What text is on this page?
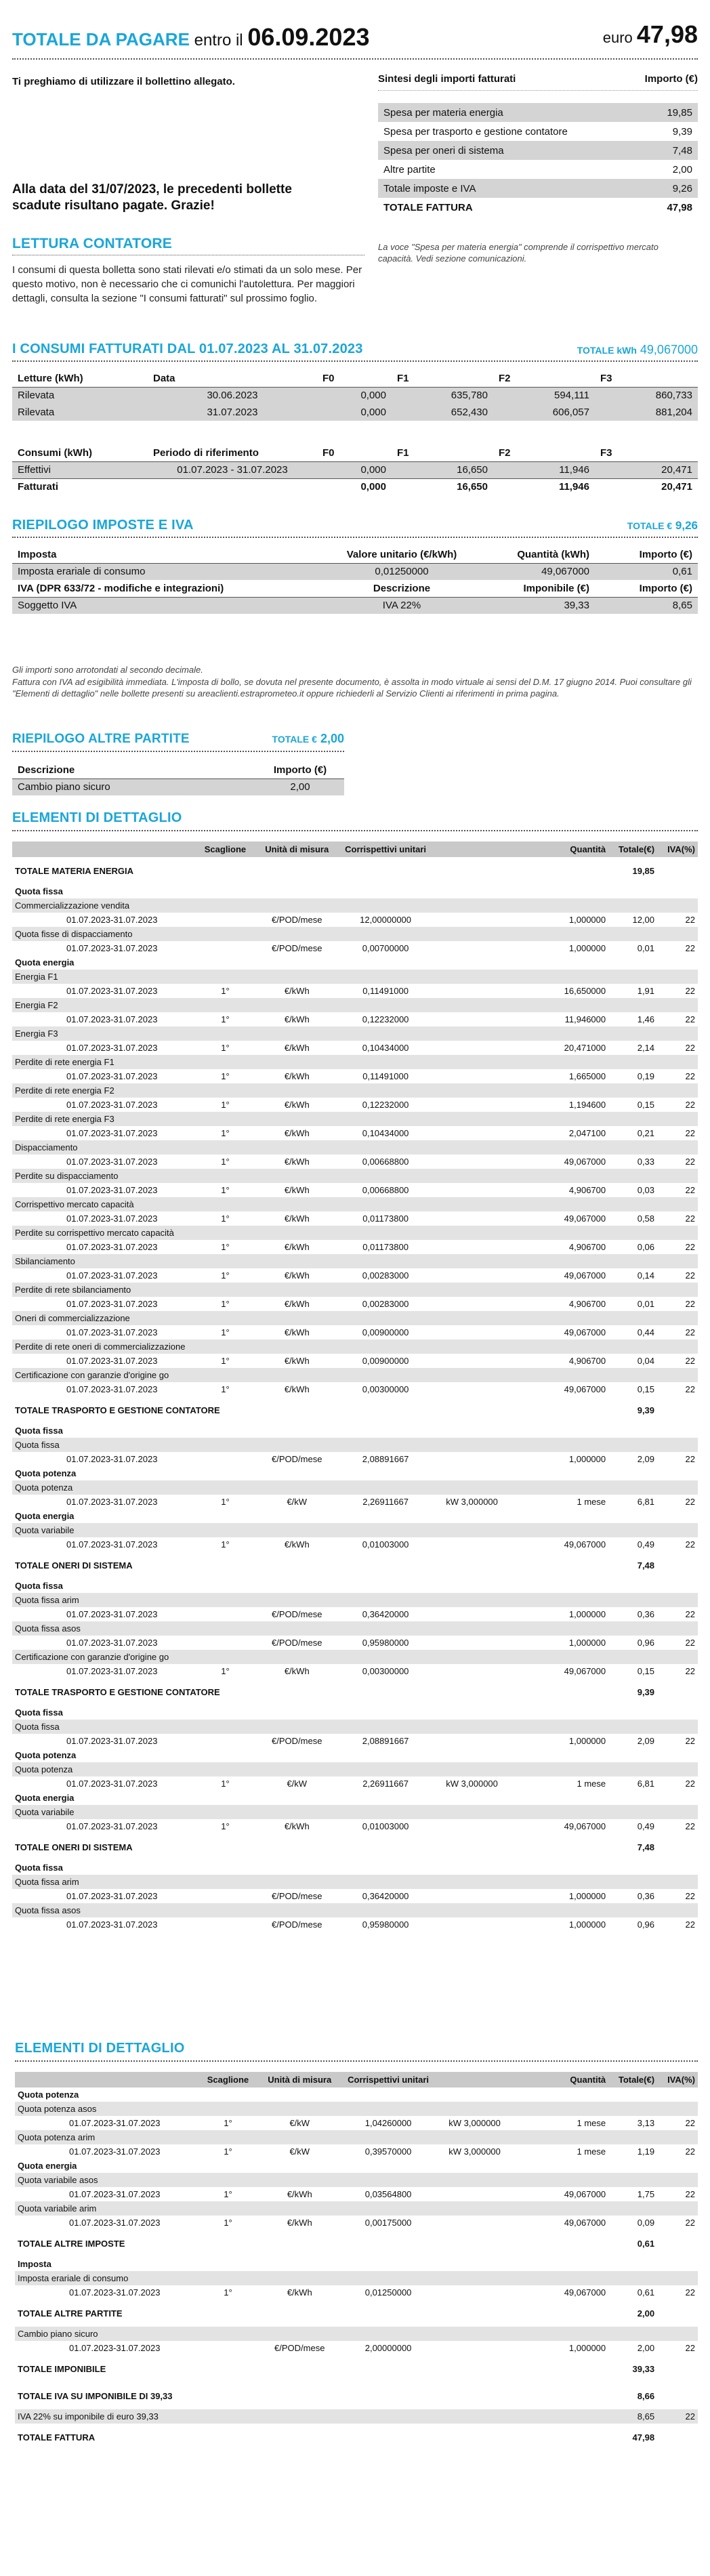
TOTALE DA PAGARE entro il 06.09.2023	euro 47,98
Ti preghiamo di utilizzare il bollettino allegato.
Alla data del 31/07/2023, le precedenti bollette scadute risultano pagate. Grazie!
Sintesi degli importi fatturati	Importo (€)
Spesa per materia energia	19,85
Spesa per trasporto e gestione contatore	9,39
Spesa per oneri di sistema	7,48
Altre partite	2,00
Totale imposte e IVA	9,26
TOTALE FATTURA	47,98
La voce "Spesa per materia energia" comprende il corrispettivo mercato capacità. Vedi sezione comunicazioni.
LETTURA CONTATORE
I consumi di questa bolletta sono stati rilevati e/o stimati da un solo mese. Per questo motivo, non è necessario che ci comunichi l'autolettura. Per maggiori dettagli, consulta la sezione "I consumi fatturati" sul prossimo foglio.
I CONSUMI FATTURATI DAL 01.07.2023 AL 31.07.2023	TOTALE kWh 49,067000
Letture (kWh)	Data	F0	F1	F2	F3
Rilevata	30.06.2023	0,000	635,780	594,111	860,733
Rilevata	31.07.2023	0,000	652,430	606,057	881,204
Consumi (kWh)	Periodo di riferimento	F0	F1	F2	F3
Effettivi	01.07.2023 - 31.07.2023	0,000	16,650	11,946	20,471
Fatturati		0,000	16,650	11,946	20,471
RIEPILOGO IMPOSTE E IVA	TOTALE € 9,26
Imposta	Valore unitario (€/kWh)	Quantità (kWh)	Importo (€)
Imposta erariale di consumo	0,01250000	49,067000	0,61
IVA (DPR 633/72 - modifiche e integrazioni)	Descrizione	Imponibile (€)	Importo (€)
Soggetto IVA	IVA 22%	39,33	8,65
Gli importi sono arrotondati al secondo decimale.
Fattura con IVA ad esigibilità immediata. L'imposta di bollo, se dovuta nel presente documento, è assolta in modo virtuale ai sensi del D.M. 17 giugno 2014. Puoi consultare gli "Elementi di dettaglio" nelle bollette presenti su areaclienti.estraprometeo.it oppure richiederli al Servizio Clienti ai riferimenti in prima pagina.
RIEPILOGO ALTRE PARTITE	TOTALE € 2,00
Descrizione	Importo (€)
Cambio piano sicuro	2,00
ELEMENTI DI DETTAGLIO
	Scaglione	Unità di misura	Corrispettivi unitari		Quantità	Totale(€)	IVA(%)
TOTALE MATERIA ENERGIA						19,85	
Quota fissa							
Commercializzazione vendita							
01.07.2023-31.07.2023		€/POD/mese	12,00000000		1,000000	12,00	22
Quota fisse di dispacciamento							
01.07.2023-31.07.2023		€/POD/mese	0,00700000		1,000000	0,01	22
Quota energia							
Energia F1							
01.07.2023-31.07.2023	1°	€/kWh	0,11491000		16,650000	1,91	22
Energia F2							
01.07.2023-31.07.2023	1°	€/kWh	0,12232000		11,946000	1,46	22
Energia F3							
01.07.2023-31.07.2023	1°	€/kWh	0,10434000		20,471000	2,14	22
Perdite di rete energia F1							
01.07.2023-31.07.2023	1°	€/kWh	0,11491000		1,665000	0,19	22
Perdite di rete energia F2							
01.07.2023-31.07.2023	1°	€/kWh	0,12232000		1,194600	0,15	22
Perdite di rete energia F3							
01.07.2023-31.07.2023	1°	€/kWh	0,10434000		2,047100	0,21	22
Dispacciamento							
01.07.2023-31.07.2023	1°	€/kWh	0,00668800		49,067000	0,33	22
Perdite su dispacciamento							
01.07.2023-31.07.2023	1°	€/kWh	0,00668800		4,906700	0,03	22
Corrispettivo mercato capacità							
01.07.2023-31.07.2023	1°	€/kWh	0,01173800		49,067000	0,58	22
Perdite su corrispettivo mercato capacità							
01.07.2023-31.07.2023	1°	€/kWh	0,01173800		4,906700	0,06	22
Sbilanciamento							
01.07.2023-31.07.2023	1°	€/kWh	0,00283000		49,067000	0,14	22
Perdite di rete sbilanciamento							
01.07.2023-31.07.2023	1°	€/kWh	0,00283000		4,906700	0,01	22
Oneri di commercializzazione							
01.07.2023-31.07.2023	1°	€/kWh	0,00900000		49,067000	0,44	22
Perdite di rete oneri di commercializzazione							
01.07.2023-31.07.2023	1°	€/kWh	0,00900000		4,906700	0,04	22
Certificazione con garanzie d'origine go							
01.07.2023-31.07.2023	1°	€/kWh	0,00300000		49,067000	0,15	22
TOTALE TRASPORTO E GESTIONE CONTATORE						9,39	
Quota fissa							
Quota fissa							
01.07.2023-31.07.2023		€/POD/mese	2,08891667		1,000000	2,09	22
Quota potenza							
Quota potenza							
01.07.2023-31.07.2023	1°	€/kW	2,26911667	kW 3,000000	1 mese	6,81	22
Quota energia							
Quota variabile							
01.07.2023-31.07.2023	1°	€/kWh	0,01003000		49,067000	0,49	22
TOTALE ONERI DI SISTEMA						7,48	
Quota fissa							
Quota fissa arim							
01.07.2023-31.07.2023		€/POD/mese	0,36420000		1,000000	0,36	22
Quota fissa asos							
01.07.2023-31.07.2023		€/POD/mese	0,95980000		1,000000	0,96	22
Certificazione con garanzie d'origine go							
01.07.2023-31.07.2023	1°	€/kWh	0,00300000		49,067000	0,15	22
TOTALE TRASPORTO E GESTIONE CONTATORE						9,39	
Quota fissa							
Quota fissa							
01.07.2023-31.07.2023		€/POD/mese	2,08891667		1,000000	2,09	22
Quota potenza							
Quota potenza							
01.07.2023-31.07.2023	1°	€/kW	2,26911667	kW 3,000000	1 mese	6,81	22
Quota energia							
Quota variabile							
01.07.2023-31.07.2023	1°	€/kWh	0,01003000		49,067000	0,49	22
TOTALE ONERI DI SISTEMA						7,48	
Quota fissa							
Quota fissa arim							
01.07.2023-31.07.2023		€/POD/mese	0,36420000		1,000000	0,36	22
Quota fissa asos							
01.07.2023-31.07.2023		€/POD/mese	0,95980000		1,000000	0,96	22
ELEMENTI DI DETTAGLIO
	Scaglione	Unità di misura	Corrispettivi unitari		Quantità	Totale(€)	IVA(%)
Quota potenza							
Quota potenza asos							
01.07.2023-31.07.2023	1°	€/kW	1,04260000	kW 3,000000	1 mese	3,13	22
Quota potenza arim							
01.07.2023-31.07.2023	1°	€/kW	0,39570000	kW 3,000000	1 mese	1,19	22
Quota energia							
Quota variabile asos							
01.07.2023-31.07.2023	1°	€/kWh	0,03564800		49,067000	1,75	22
Quota variabile arim							
01.07.2023-31.07.2023	1°	€/kWh	0,00175000		49,067000	0,09	22
TOTALE ALTRE IMPOSTE						0,61	
Imposta							
Imposta erariale di consumo							
01.07.2023-31.07.2023	1°	€/kWh	0,01250000		49,067000	0,61	22
TOTALE ALTRE PARTITE						2,00	
Cambio piano sicuro							
01.07.2023-31.07.2023		€/POD/mese	2,00000000		1,000000	2,00	22
TOTALE IMPONIBILE						39,33	
TOTALE IVA SU IMPONIBILE DI 39,33						8,66	
IVA 22% su imponibile di euro 39,33						8,65	22
TOTALE FATTURA						47,98	
